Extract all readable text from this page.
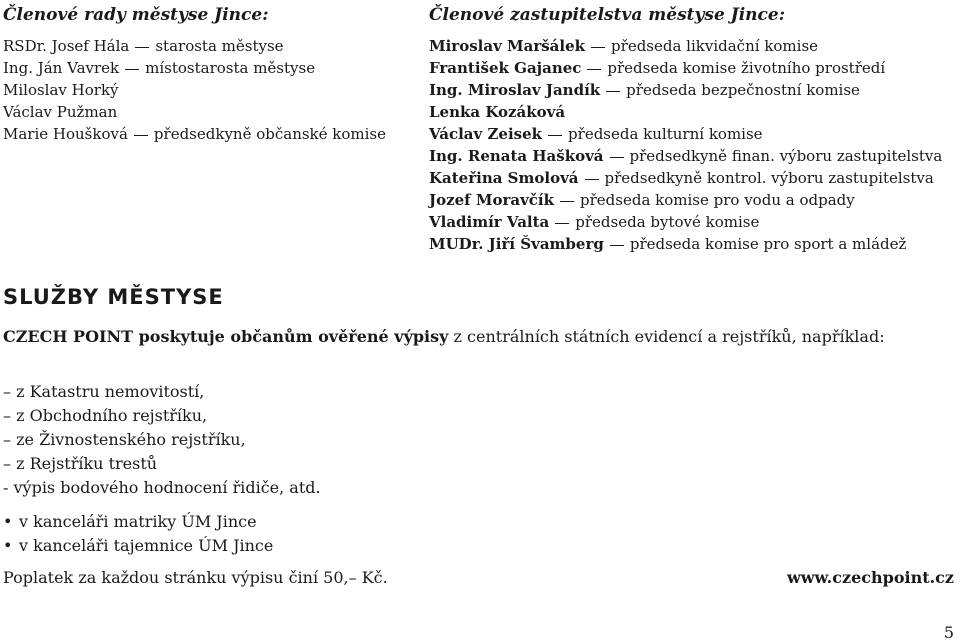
Členové rady městyse Jince:
RSDr. Josef Hála starosta městyse
Ing. Ján Vavrek místostarosta městyse
Miloslav Horký
Václav Pužman
Marie Houšková předsedkyně občanské komise
Členové zastupitelstva městyse Jince:
Miroslav Maršálek předseda likvidační komise
František Gajanec předseda komise životního prostředí
Ing. Miroslav Jandík předseda bezpečnostní komise
Lenka Kozáková
Václav Zeisek předseda kulturní komise
Ing. Renata Hašková předsedkyně finan. výboru zastupitelstva
Kateřina Smolová předsedkyně kontrol. výboru zastupitelstva
Jozef Moravčík předseda komise pro vodu a odpady
Vladimír Valta předseda bytové komise
MUDr. Jiří Švamberg předseda komise pro sport a mládež
SLUŽBY MĚSTYSE
CZECH POINT poskytuje občanům ověřené výpisy z centrálních státních evidencí a rejstříků, například:
– z Katastru nemovitostí,
– z Obchodního rejstříku,
– ze Živnostenského rejstříku,
– z Rejstříku trestů
- výpis bodového hodnocení řidiče, atd.
• v kanceláři matriky ÚM Jince
• v kanceláři tajemnice ÚM Jince
Poplatek za každou stránku výpisu činí 50,– Kč.	www.czechpoint.cz
5
